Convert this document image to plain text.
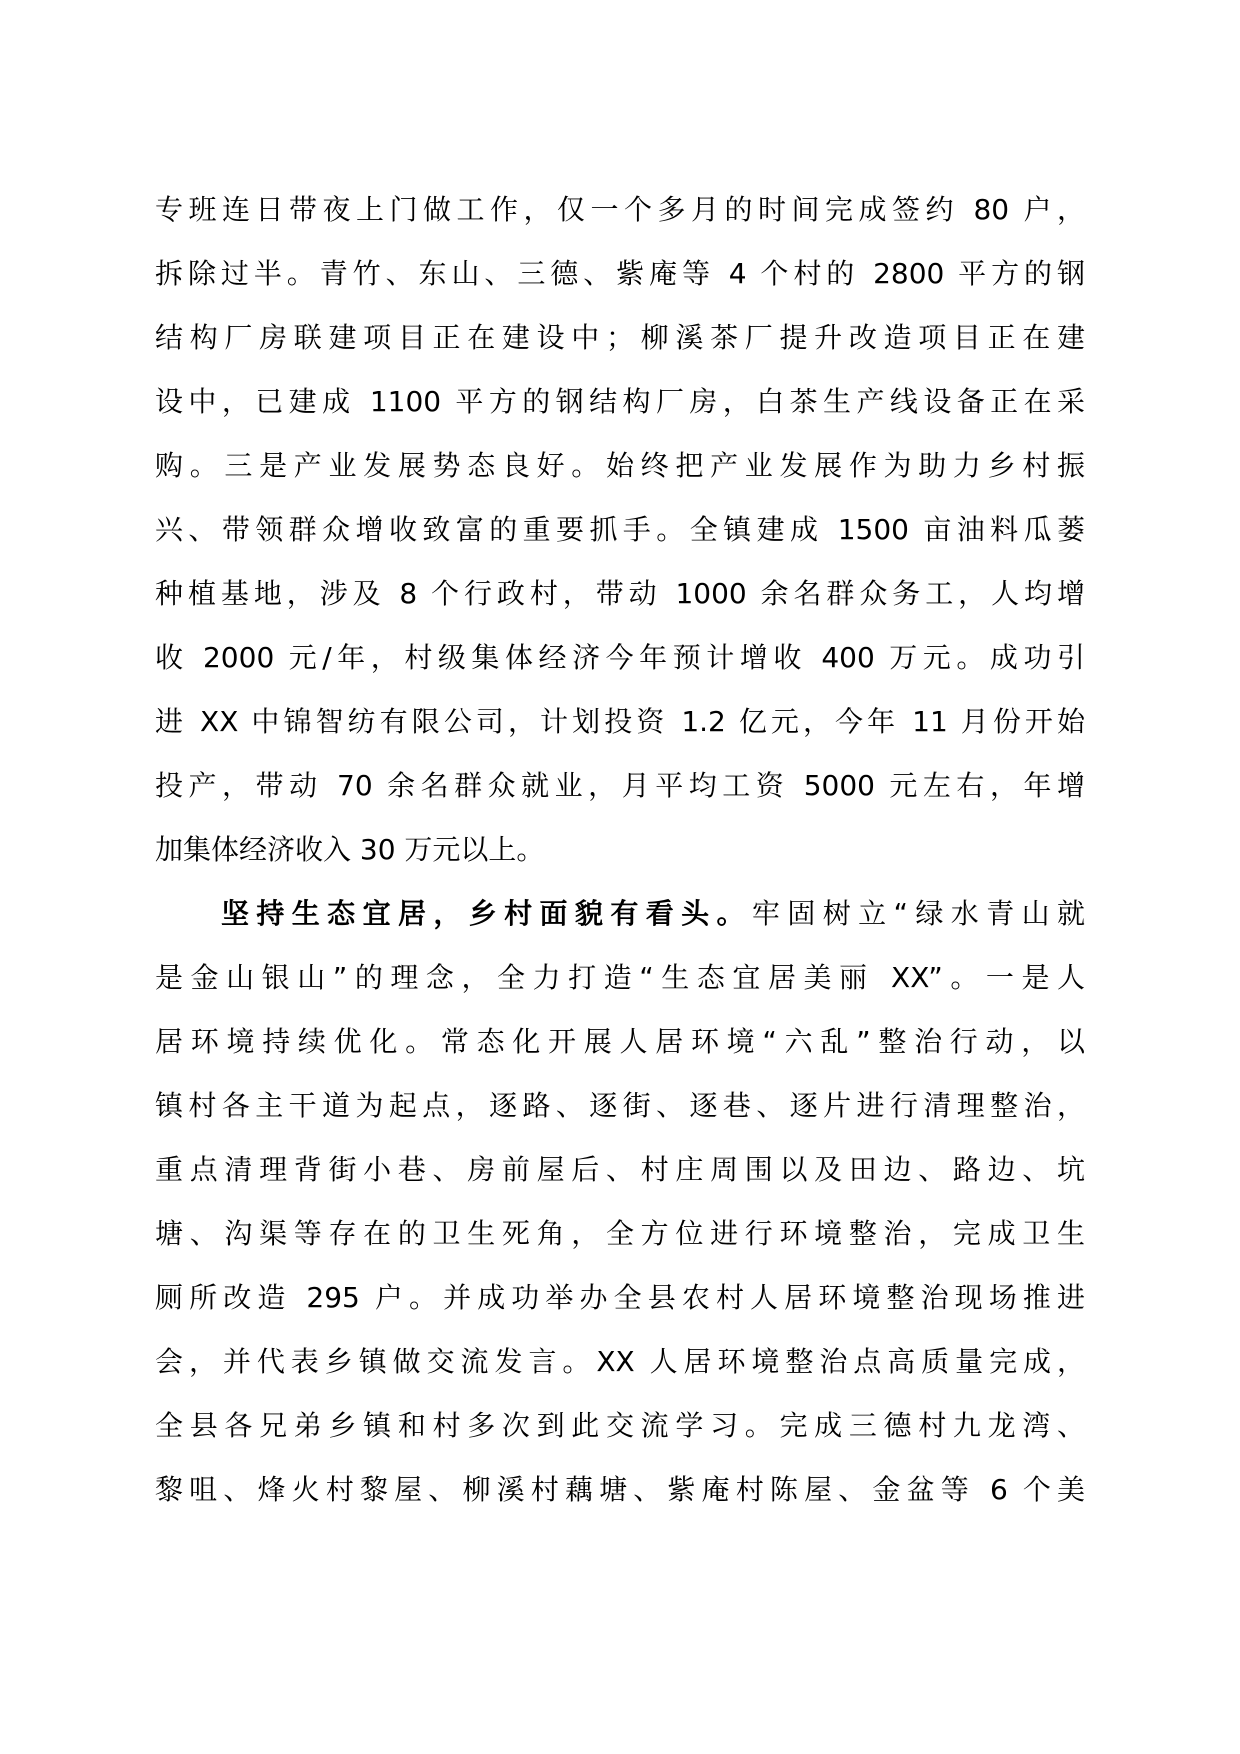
专班连日带夜上门做工作，仅一个多月的时间完成签约 80 户，
拆除过半。青竹、东山、三德、紫庵等 4 个村的 2800 平方的钢
结构厂房联建项目正在建设中；柳溪茶厂提升改造项目正在建
设中，已建成 1100 平方的钢结构厂房，白茶生产线设备正在采
购。三是产业发展势态良好。始终把产业发展作为助力乡村振
兴、带领群众增收致富的重要抓手。全镇建成 1500 亩油料瓜蒌
种植基地，涉及 8 个行政村，带动 1000 余名群众务工，人均增
收 2000 元/年，村级集体经济今年预计增收 400 万元。成功引
进 XX 中锦智纺有限公司，计划投资 1.2 亿元，今年 11 月份开始
投产，带动 70 余名群众就业，月平均工资 5000 元左右，年增
加集体经济收入 30 万元以上。
坚持生态宜居，乡村面貌有看头。牢固树立“绿水青山就
是金山银山”的理念，全力打造“生态宜居美丽 XX”。一是人
居环境持续优化。常态化开展人居环境“六乱”整治行动，以
镇村各主干道为起点，逐路、逐街、逐巷、逐片进行清理整治，
重点清理背街小巷、房前屋后、村庄周围以及田边、路边、坑
塘、沟渠等存在的卫生死角，全方位进行环境整治，完成卫生
厕所改造 295 户。并成功举办全县农村人居环境整治现场推进
会，并代表乡镇做交流发言。XX 人居环境整治点高质量完成，
全县各兄弟乡镇和村多次到此交流学习。完成三德村九龙湾、
黎咀、烽火村黎屋、柳溪村藕塘、紫庵村陈屋、金盆等 6 个美
